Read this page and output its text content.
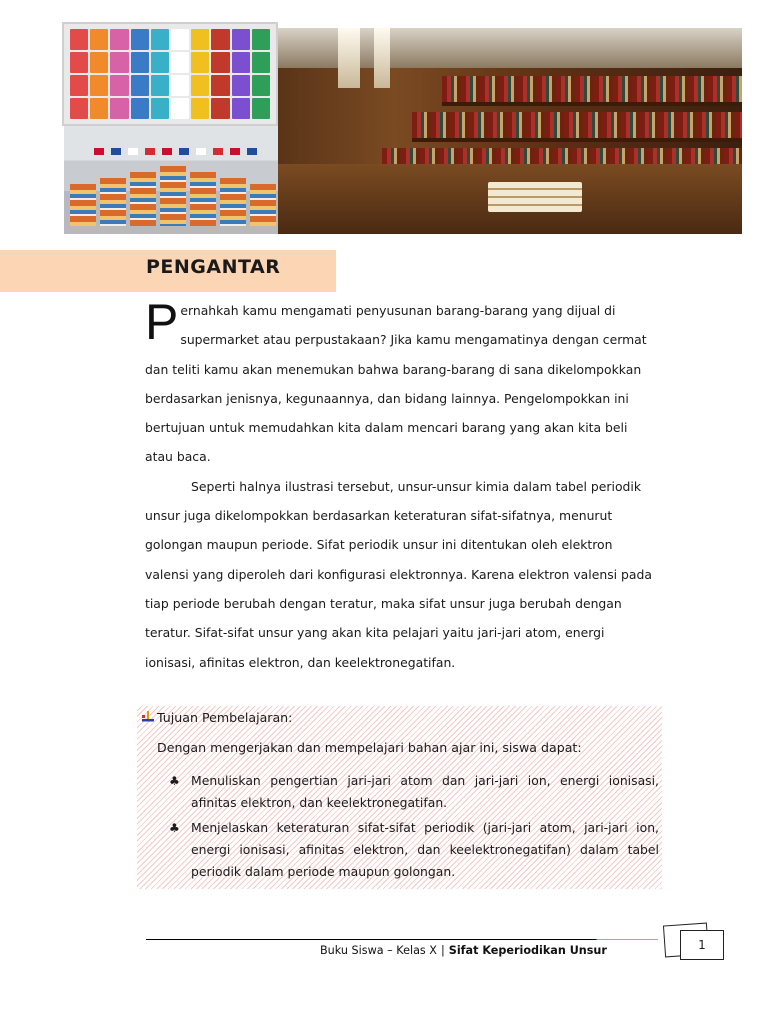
PENGANTAR

Pernahkah kamu mengamati penyusunan barang-barang yang dijual di supermarket atau perpustakaan? Jika kamu mengamatinya dengan cermat dan teliti kamu akan menemukan bahwa barang-barang di sana dikelompokkan berdasarkan jenisnya, kegunaannya, dan bidang lainnya. Pengelompokkan ini bertujuan untuk memudahkan kita dalam mencari barang yang akan kita beli atau baca.

Seperti halnya ilustrasi tersebut, unsur-unsur kimia dalam tabel periodik unsur juga dikelompokkan berdasarkan keteraturan sifat-sifatnya, menurut golongan maupun periode. Sifat periodik unsur ini ditentukan oleh elektron valensi yang diperoleh dari konfigurasi elektronnya. Karena elektron valensi pada tiap periode berubah dengan teratur, maka sifat unsur juga berubah dengan teratur. Sifat-sifat unsur yang akan kita pelajari yaitu jari-jari atom, energi ionisasi, afinitas elektron, dan keelektronegatifan.

Tujuan Pembelajaran:
Dengan mengerjakan dan mempelajari bahan ajar ini, siswa dapat:
♣ Menuliskan pengertian jari-jari atom dan jari-jari ion, energi ionisasi, afinitas elektron, dan keelektronegatifan.
♣ Menjelaskan keteraturan sifat-sifat periodik (jari-jari atom, jari-jari ion, energi ionisasi, afinitas elektron, dan keelektronegatifan) dalam tabel periodik dalam periode maupun golongan.
Buku Siswa – Kelas X | Sifat Keperiodikan Unsur	1
